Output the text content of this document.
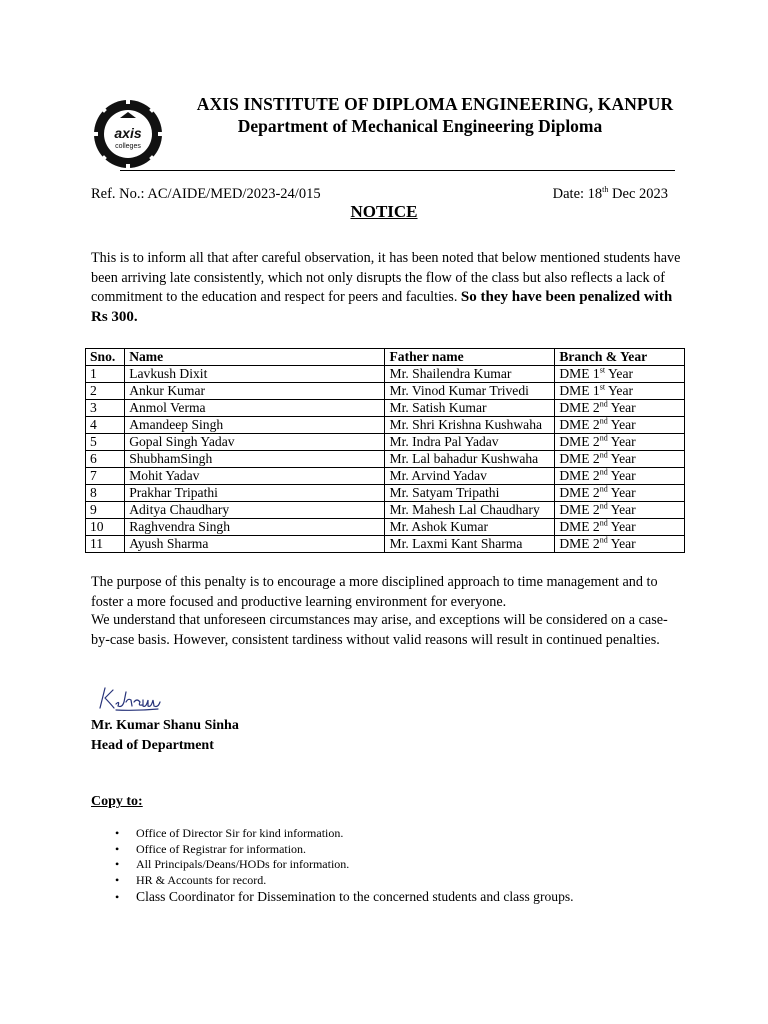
axis
colleges
AXIS INSTITUTE OF DIPLOMA ENGINEERING, KANPUR
Department of Mechanical Engineering Diploma
Ref. No.: AC/AIDE/MED/2023-24/015	Date: 18th Dec 2023
NOTICE
This is to inform all that after careful observation, it has been noted that below mentioned students have been arriving late consistently, which not only disrupts the flow of the class but also reflects a lack of commitment to the education and respect for peers and faculties. So they have been penalized with Rs 300.
Sno.	Name	Father name	Branch & Year
1	Lavkush Dixit	Mr. Shailendra Kumar	DME 1st Year
2	Ankur Kumar	Mr. Vinod Kumar Trivedi	DME 1st Year
3	Anmol Verma	Mr. Satish Kumar	DME 2nd Year
4	Amandeep Singh	Mr. Shri Krishna Kushwaha	DME 2nd Year
5	Gopal Singh Yadav	Mr. Indra Pal Yadav	DME 2nd Year
6	ShubhamSingh	Mr. Lal bahadur Kushwaha	DME 2nd Year
7	Mohit Yadav	Mr. Arvind Yadav	DME 2nd Year
8	Prakhar Tripathi	Mr. Satyam Tripathi	DME 2nd Year
9	Aditya Chaudhary	Mr. Mahesh Lal Chaudhary	DME 2nd Year
10	Raghvendra Singh	Mr. Ashok Kumar	DME 2nd Year
11	Ayush Sharma	Mr. Laxmi Kant Sharma	DME 2nd Year
The purpose of this penalty is to encourage a more disciplined approach to time management and to foster a more focused and productive learning environment for everyone.
We understand that unforeseen circumstances may arise, and exceptions will be considered on a case-by-case basis. However, consistent tardiness without valid reasons will result in continued penalties.
Mr. Kumar Shanu Sinha
Head of Department
Copy to:
• Office of Director Sir for kind information.
• Office of Registrar for information.
• All Principals/Deans/HODs for information.
• HR & Accounts for record.
• Class Coordinator for Dissemination to the concerned students and class groups.
